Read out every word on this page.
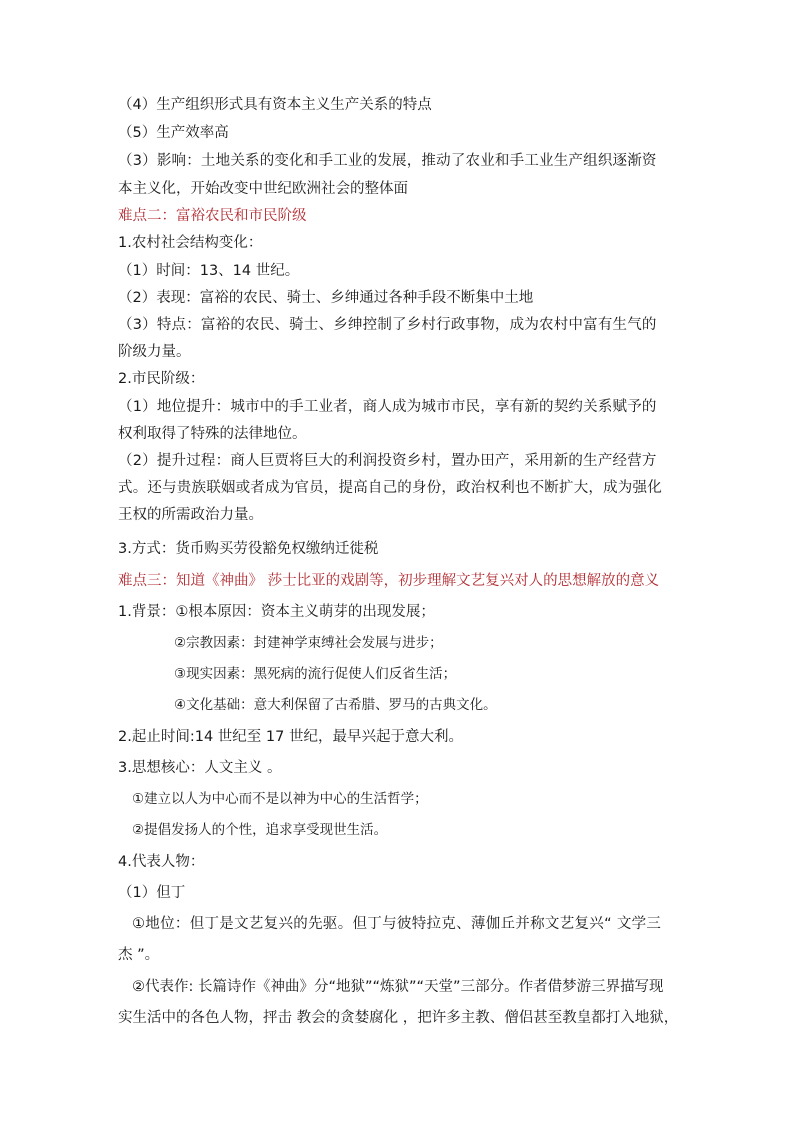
（4）生产组织形式具有资本主义生产关系的特点
（5）生产效率高
（3）影响：土地关系的变化和手工业的发展，推动了农业和手工业生产组织逐渐资
本主义化，开始改变中世纪欧洲社会的整体面
难点二：富裕农民和市民阶级
1.农村社会结构变化：
（1）时间：13、14 世纪。
（2）表现：富裕的农民、骑士、乡绅通过各种手段不断集中土地
（3）特点：富裕的农民、骑士、乡绅控制了乡村行政事物，成为农村中富有生气的
阶级力量。
2.市民阶级：
（1）地位提升：城市中的手工业者，商人成为城市市民，享有新的契约关系赋予的
权利取得了特殊的法律地位。
（2）提升过程：商人巨贾将巨大的利润投资乡村，置办田产，采用新的生产经营方
式。还与贵族联姻或者成为官员，提高自己的身份，政治权利也不断扩大，成为强化
王权的所需政治力量。
3.方式：货币购买劳役豁免权缴纳迁徙税
难点三：知道《神曲》 莎士比亚的戏剧等，初步理解文艺复兴对人的思想解放的意义
1.背景：①根本原因：资本主义萌芽的出现发展；
②宗教因素：封建神学束缚社会发展与进步；
③现实因素：黑死病的流行促使人们反省生活；
④文化基础：意大利保留了古希腊、罗马的古典文化。
2.起止时间:14 世纪至 17 世纪，最早兴起于意大利。
3.思想核心：人文主义 。
①建立以人为中心而不是以神为中心的生活哲学；
②提倡发扬人的个性，追求享受现世生活。
4.代表人物：
（1）但丁
①地位：但丁是文艺复兴的先驱。但丁与彼特拉克、薄伽丘并称文艺复兴“ 文学三
杰 ”。
②代表作: 长篇诗作《神曲》分“地狱”“炼狱”“天堂”三部分。作者借梦游三界描写现
实生活中的各色人物，抨击 教会的贪婪腐化 ，把许多主教、僧侣甚至教皇都打入地狱，
